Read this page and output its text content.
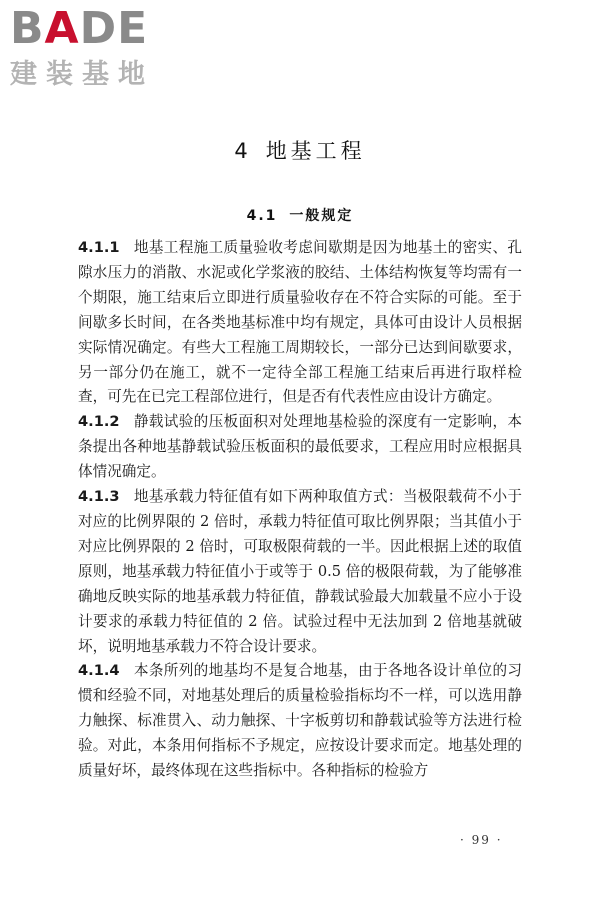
B A DE
建装基地
4 地基工程
4.1 一般规定

4.1.1 地基工程施工质量验收考虑间歇期是因为地基土的密实、孔隙水压力的消散、水泥或化学浆液的胶结、土体结构恢复等均需有一个期限，施工结束后立即进行质量验收存在不符合实际的可能。至于间歇多长时间，在各类地基标准中均有规定，具体可由设计人员根据实际情况确定。有些大工程施工周期较长，一部分已达到间歇要求，另一部分仍在施工，就不一定待全部工程施工结束后再进行取样检查，可先在已完工程部位进行，但是否有代表性应由设计方确定。

4.1.2 静载试验的压板面积对处理地基检验的深度有一定影响，本条提出各种地基静载试验压板面积的最低要求，工程应用时应根据具体情况确定。

4.1.3 地基承载力特征值有如下两种取值方式：当极限载荷不小于对应的比例界限的 2 倍时，承载力特征值可取比例界限；当其值小于对应比例界限的 2 倍时，可取极限荷载的一半。因此根据上述的取值原则，地基承载力特征值小于或等于 0.5 倍的极限荷载，为了能够准确地反映实际的地基承载力特征值，静载试验最大加载量不应小于设计要求的承载力特征值的 2 倍。试验过程中无法加到 2 倍地基就破坏，说明地基承载力不符合设计要求。

4.1.4 本条所列的地基均不是复合地基，由于各地各设计单位的习惯和经验不同，对地基处理后的质量检验指标均不一样，可以选用静力触探、标准贯入、动力触探、十字板剪切和静载试验等方法进行检验。对此，本条用何指标不予规定，应按设计要求而定。地基处理的质量好坏，最终体现在这些指标中。各种指标的检验方

· 99 ·
